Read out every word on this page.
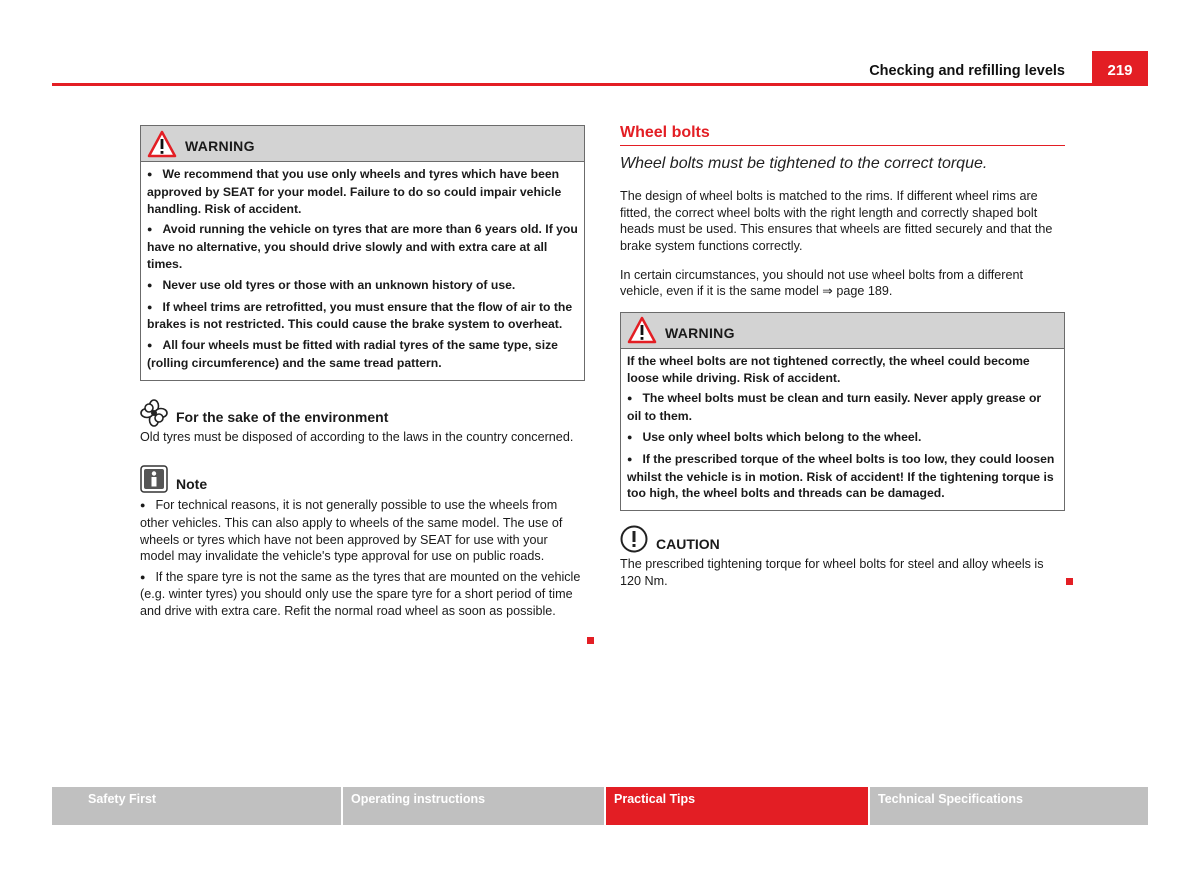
Checking and refilling levels	219
WARNING

● We recommend that you use only wheels and tyres which have been approved by SEAT for your model. Failure to do so could impair vehicle handling. Risk of accident.

● Avoid running the vehicle on tyres that are more than 6 years old. If you have no alternative, you should drive slowly and with extra care at all times.

● Never use old tyres or those with an unknown history of use.

● If wheel trims are retrofitted, you must ensure that the flow of air to the brakes is not restricted. This could cause the brake system to overheat.

● All four wheels must be fitted with radial tyres of the same type, size (rolling circumference) and the same tread pattern.

For the sake of the environment

Old tyres must be disposed of according to the laws in the country concerned.

Note

● For technical reasons, it is not generally possible to use the wheels from other vehicles. This can also apply to wheels of the same model. The use of wheels or tyres which have not been approved by SEAT for use with your model may invalidate the vehicle's type approval for use on public roads.

● If the spare tyre is not the same as the tyres that are mounted on the vehicle (e.g. winter tyres) you should only use the spare tyre for a short period of time and drive with extra care. Refit the normal road wheel as soon as possible.

Wheel bolts
Wheel bolts must be tightened to the correct torque.

The design of wheel bolts is matched to the rims. If different wheel rims are fitted, the correct wheel bolts with the right length and correctly shaped bolt heads must be used. This ensures that wheels are fitted securely and that the brake system functions correctly.

In certain circumstances, you should not use wheel bolts from a different vehicle, even if it is the same model ⇒ page 189.

WARNING

If the wheel bolts are not tightened correctly, the wheel could become loose while driving. Risk of accident.

● The wheel bolts must be clean and turn easily. Never apply grease or oil to them.

● Use only wheel bolts which belong to the wheel.

● If the prescribed torque of the wheel bolts is too low, they could loosen whilst the vehicle is in motion. Risk of accident! If the tightening torque is too high, the wheel bolts and threads can be damaged.

CAUTION

The prescribed tightening torque for wheel bolts for steel and alloy wheels is 120 Nm.

Safety First	Operating instructions	Practical Tips	Technical Specifications
